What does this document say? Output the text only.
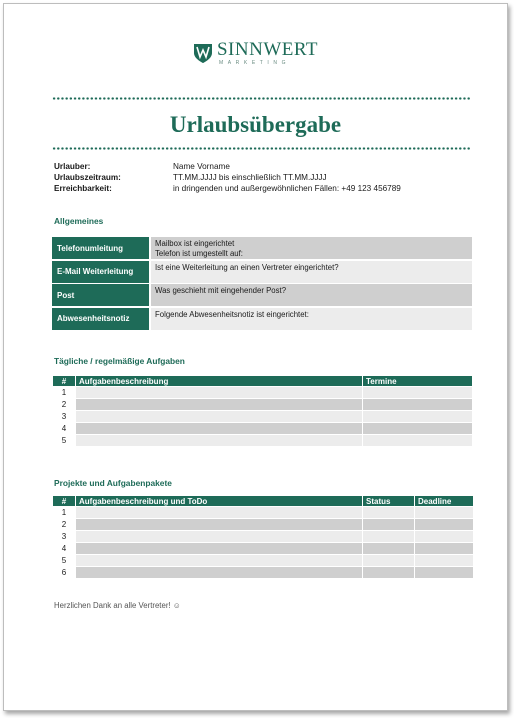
SINNWERT
MARKETING
Urlaubsübergabe
Urlauber:	Name Vorname
Urlaubszeitraum:	TT.MM.JJJJ bis einschließlich TT.MM.JJJJ
Erreichbarkeit:	in dringenden und außergewöhnlichen Fällen: +49 123 456789
Allgemeines
Telefonumleitung	Mailbox ist eingerichtet
Telefon ist umgestellt auf:
E-Mail Weiterleitung	Ist eine Weiterleitung an einen Vertreter eingerichtet?
Post	Was geschieht mit eingehender Post?
Abwesenheitsnotiz	Folgende Abwesenheitsnotiz ist eingerichtet:
Tägliche / regelmäßige Aufgaben
#	Aufgabenbeschreibung	Termine
1		
2		
3		
4		
5		
Projekte und Aufgabenpakete
#	Aufgabenbeschreibung und ToDo	Status	Deadline
1			
2			
3			
4			
5			
6			
Herzlichen Dank an alle Vertreter! ☺
